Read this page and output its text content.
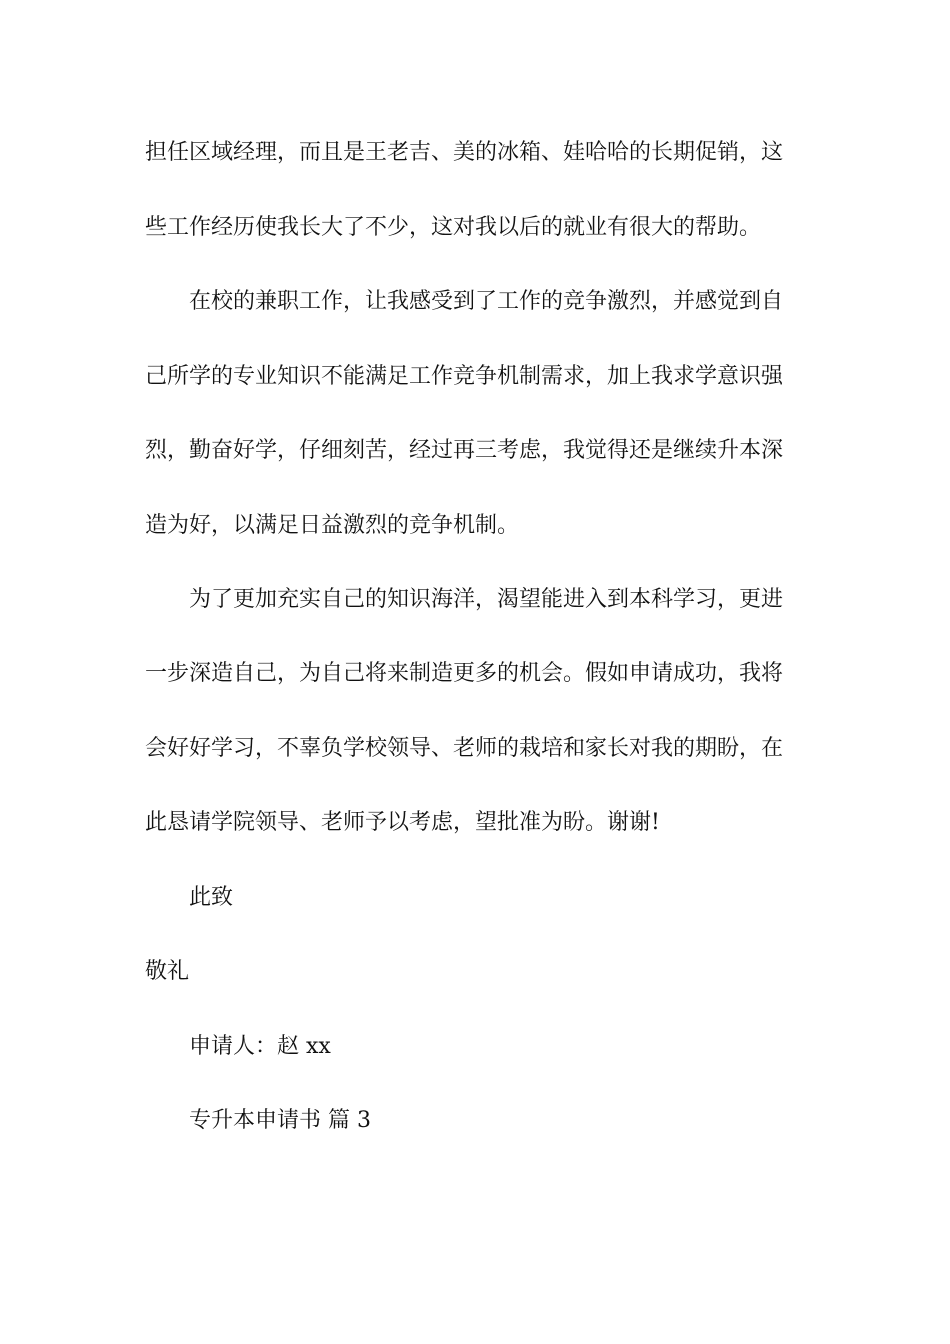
担任区域经理，而且是王老吉、美的冰箱、娃哈哈的长期促销，这
些工作经历使我长大了不少，这对我以后的就业有很大的帮助。
在校的兼职工作，让我感受到了工作的竞争激烈，并感觉到自
己所学的专业知识不能满足工作竞争机制需求，加上我求学意识强
烈，勤奋好学，仔细刻苦，经过再三考虑，我觉得还是继续升本深
造为好，以满足日益激烈的竞争机制。
为了更加充实自己的知识海洋，渴望能进入到本科学习，更进
一步深造自己，为自己将来制造更多的机会。假如申请成功，我将
会好好学习，不辜负学校领导、老师的栽培和家长对我的期盼，在
此恳请学院领导、老师予以考虑，望批准为盼。谢谢!
此致
敬礼
申请人：赵 xx
专升本申请书 篇 3
